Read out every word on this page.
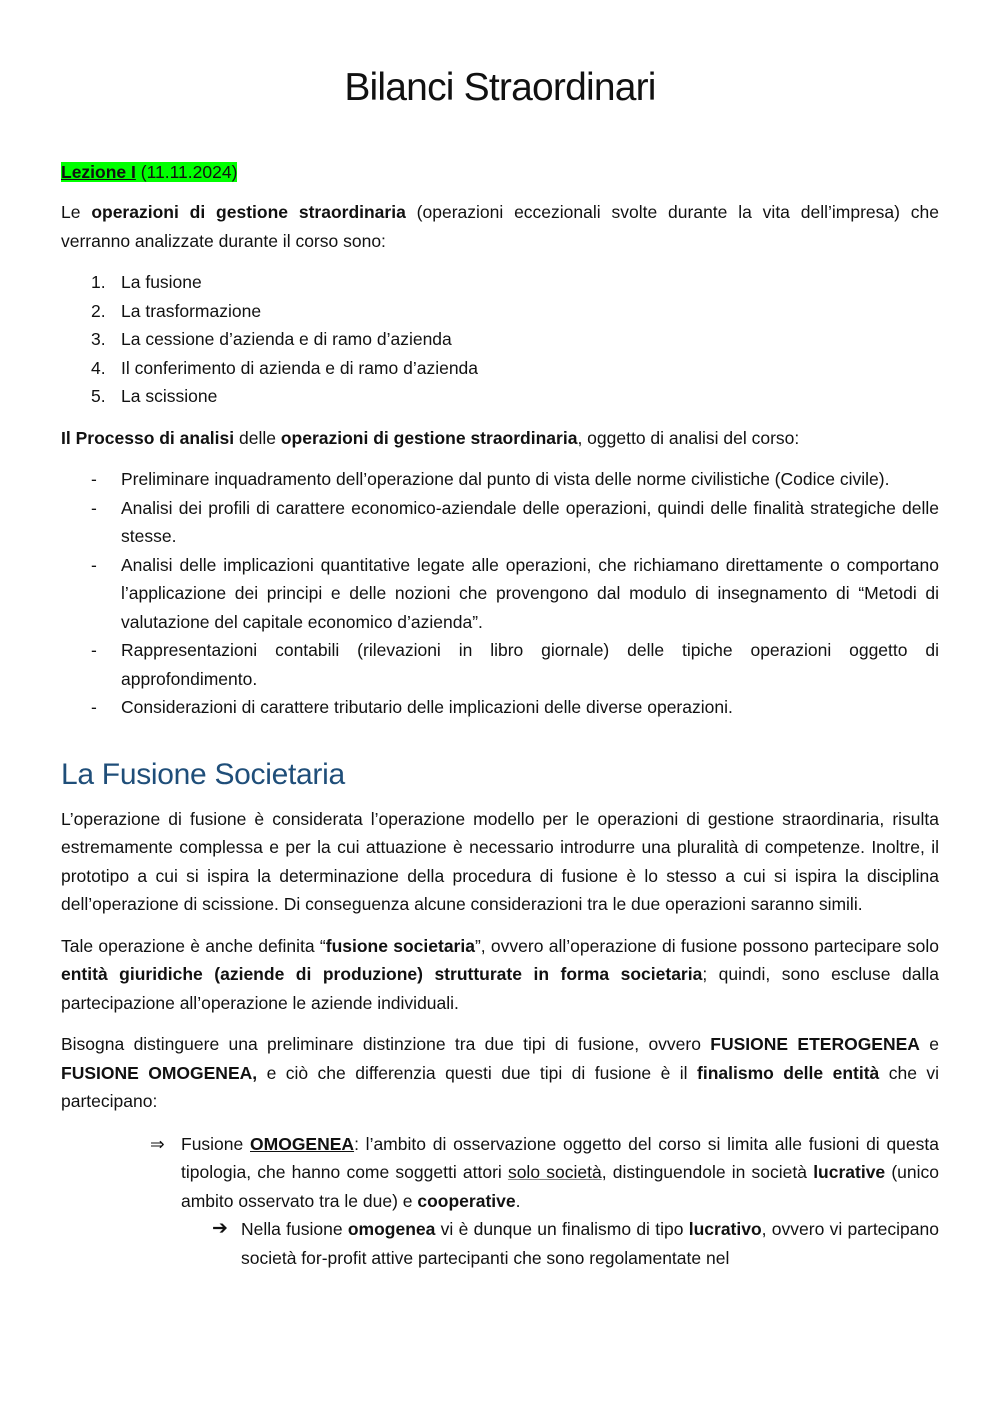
Bilanci Straordinari
Lezione I (11.11.2024)

Le operazioni di gestione straordinaria (operazioni eccezionali svolte durante la vita dell’impresa) che verranno analizzate durante il corso sono:

1. La fusione
2. La trasformazione
3. La cessione d’azienda e di ramo d’azienda
4. Il conferimento di azienda e di ramo d’azienda
5. La scissione

Il Processo di analisi delle operazioni di gestione straordinaria, oggetto di analisi del corso:

- Preliminare inquadramento dell’operazione dal punto di vista delle norme civilistiche (Codice civile).
- Analisi dei profili di carattere economico-aziendale delle operazioni, quindi delle finalità strategiche delle stesse.
- Analisi delle implicazioni quantitative legate alle operazioni, che richiamano direttamente o comportano l’applicazione dei principi e delle nozioni che provengono dal modulo di insegnamento di “Metodi di valutazione del capitale economico d’azienda”.
- Rappresentazioni contabili (rilevazioni in libro giornale) delle tipiche operazioni oggetto di approfondimento.
- Considerazioni di carattere tributario delle implicazioni delle diverse operazioni.
La Fusione Societaria

L’operazione di fusione è considerata l’operazione modello per le operazioni di gestione straordinaria, risulta estremamente complessa e per la cui attuazione è necessario introdurre una pluralità di competenze. Inoltre, il prototipo a cui si ispira la determinazione della procedura di fusione è lo stesso a cui si ispira la disciplina dell’operazione di scissione. Di conseguenza alcune considerazioni tra le due operazioni saranno simili.

Tale operazione è anche definita “fusione societaria”, ovvero all’operazione di fusione possono partecipare solo entità giuridiche (aziende di produzione) strutturate in forma societaria; quindi, sono escluse dalla partecipazione all’operazione le aziende individuali.

Bisogna distinguere una preliminare distinzione tra due tipi di fusione, ovvero FUSIONE ETEROGENEA e FUSIONE OMOGENEA, e ciò che differenzia questi due tipi di fusione è il finalismo delle entità che vi partecipano:

⇒ Fusione OMOGENEA: l’ambito di osservazione oggetto del corso si limita alle fusioni di questa tipologia, che hanno come soggetti attori solo società, distinguendole in società lucrative (unico ambito osservato tra le due) e cooperative.

➔ Nella fusione omogenea vi è dunque un finalismo di tipo lucrativo, ovvero vi partecipano società for-profit attive partecipanti che sono regolamentate nel
